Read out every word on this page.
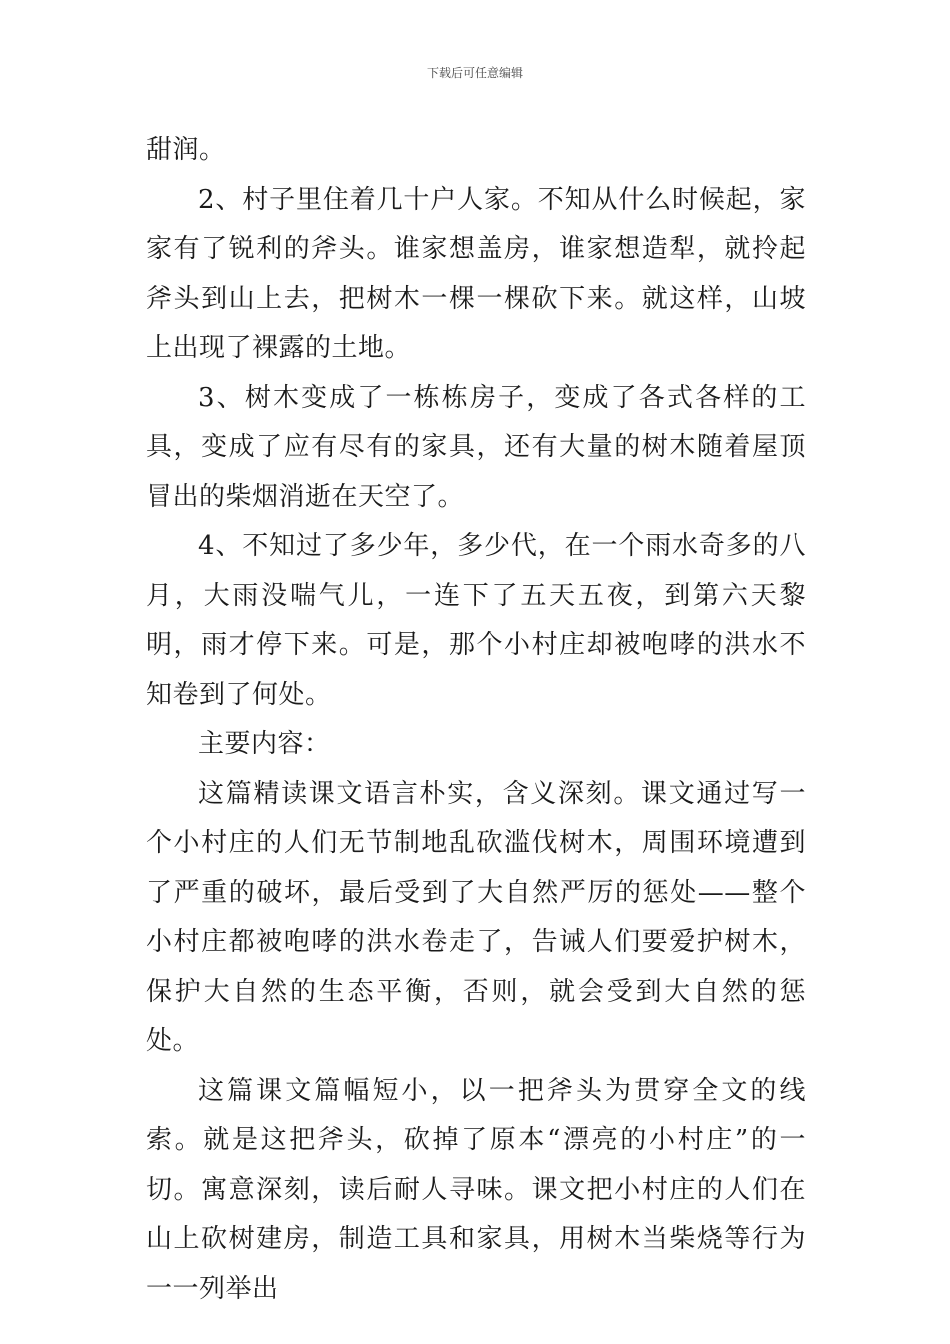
下载后可任意编辑

甜润。

2、村子里住着几十户人家。不知从什么时候起，家家有了锐利的斧头。谁家想盖房，谁家想造犁，就拎起斧头到山上去，把树木一棵一棵砍下来。就这样，山坡上出现了裸露的土地。

3、树木变成了一栋栋房子，变成了各式各样的工具，变成了应有尽有的家具，还有大量的树木随着屋顶冒出的柴烟消逝在天空了。

4、不知过了多少年，多少代，在一个雨水奇多的八月，大雨没喘气儿，一连下了五天五夜，到第六天黎明，雨才停下来。可是，那个小村庄却被咆哮的洪水不知卷到了何处。

主要内容：

这篇精读课文语言朴实，含义深刻。课文通过写一个小村庄的人们无节制地乱砍滥伐树木，周围环境遭到了严重的破坏，最后受到了大自然严厉的惩处——整个小村庄都被咆哮的洪水卷走了，告诫人们要爱护树木，保护大自然的生态平衡，否则，就会受到大自然的惩处。

这篇课文篇幅短小，以一把斧头为贯穿全文的线索。就是这把斧头，砍掉了原本“漂亮的小村庄”的一切。寓意深刻，读后耐人寻味。课文把小村庄的人们在山上砍树建房，制造工具和家具，用树木当柴烧等行为一一列举出
